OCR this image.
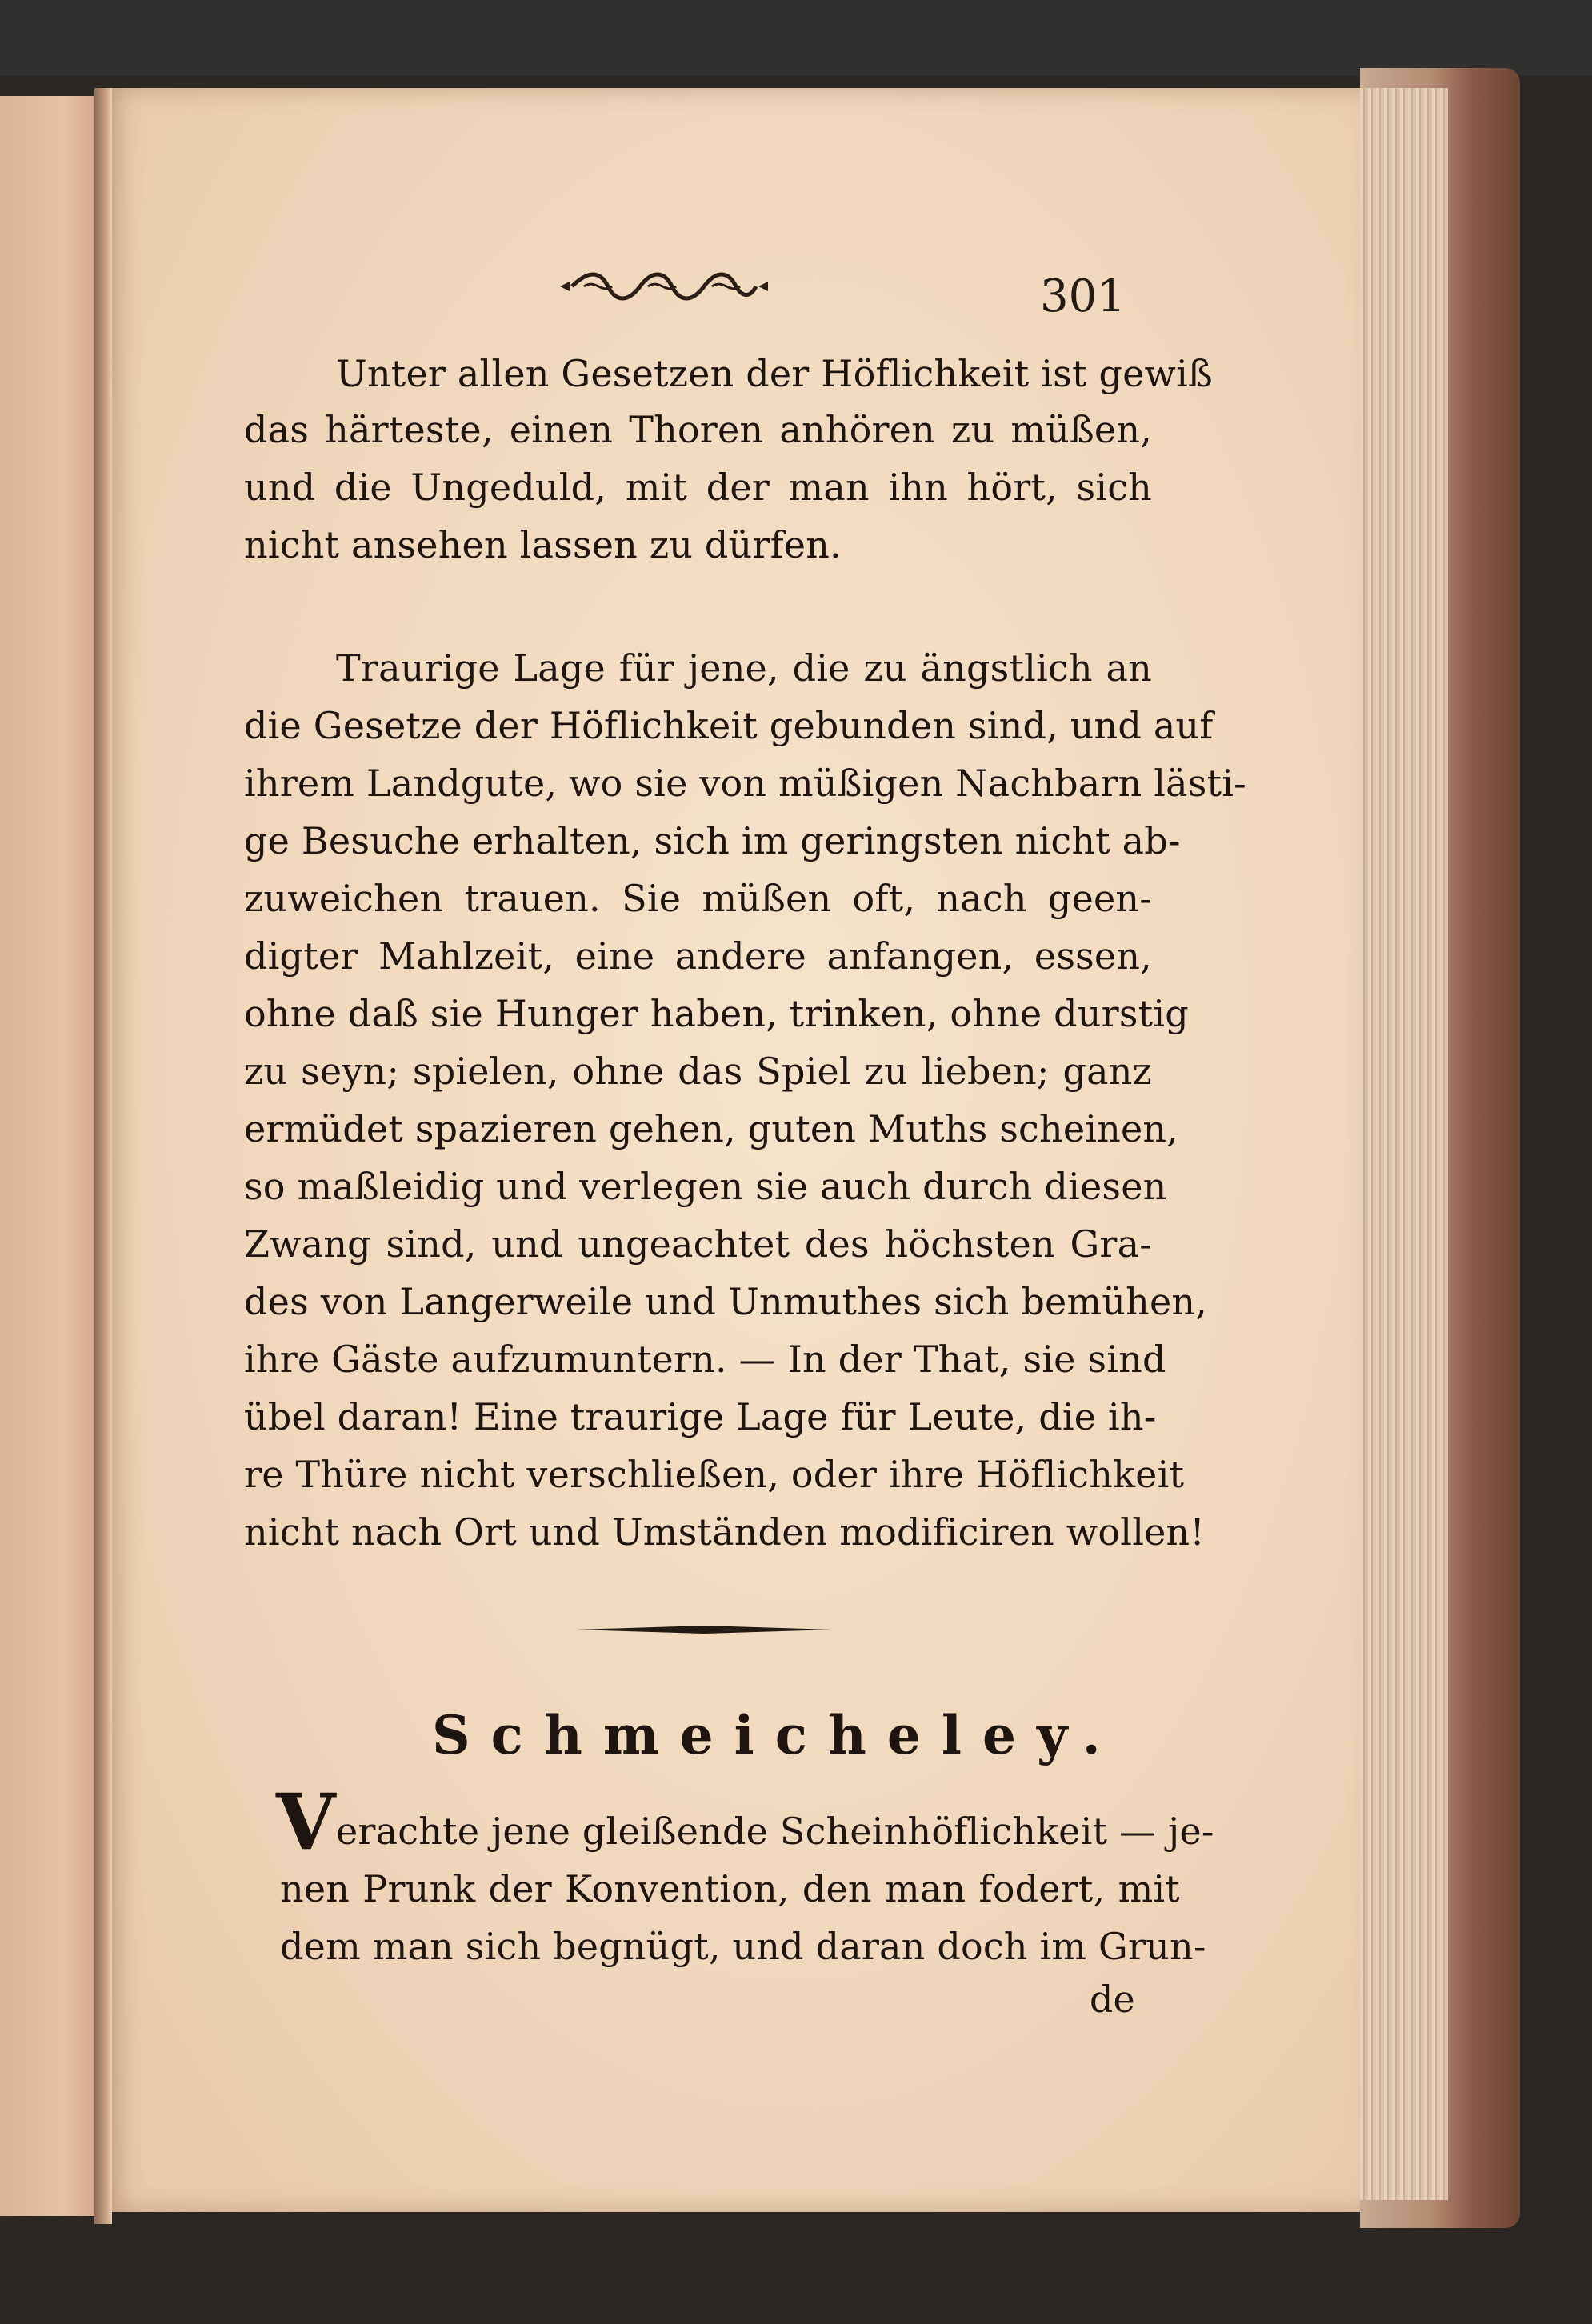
301
Unter allen Gesetzen der Höflichkeit ist gewiß
das härteste, einen Thoren anhören zu müßen,
und die Ungeduld, mit der man ihn hört, sich
nicht ansehen lassen zu dürfen.
Traurige Lage für jene, die zu ängstlich an
die Gesetze der Höflichkeit gebunden sind, und auf
ihrem Landgute, wo sie von müßigen Nachbarn lästi-
ge Besuche erhalten, sich im geringsten nicht ab-
zuweichen trauen. Sie müßen oft, nach geen-
digter Mahlzeit, eine andere anfangen, essen,
ohne daß sie Hunger haben, trinken, ohne durstig
zu seyn; spielen, ohne das Spiel zu lieben; ganz
ermüdet spazieren gehen, guten Muths scheinen,
so maßleidig und verlegen sie auch durch diesen
Zwang sind, und ungeachtet des höchsten Gra-
des von Langerweile und Unmuthes sich bemühen,
ihre Gäste aufzumuntern. — In der That, sie sind
übel daran! Eine traurige Lage für Leute, die ih-
re Thüre nicht verschließen, oder ihre Höflichkeit
nicht nach Ort und Umständen modificiren wollen!
Schmeicheley.
V erachte jene gleißende Scheinhöflichkeit — je-
nen Prunk der Konvention, den man fodert, mit
dem man sich begnügt, und daran doch im Grun-
de
